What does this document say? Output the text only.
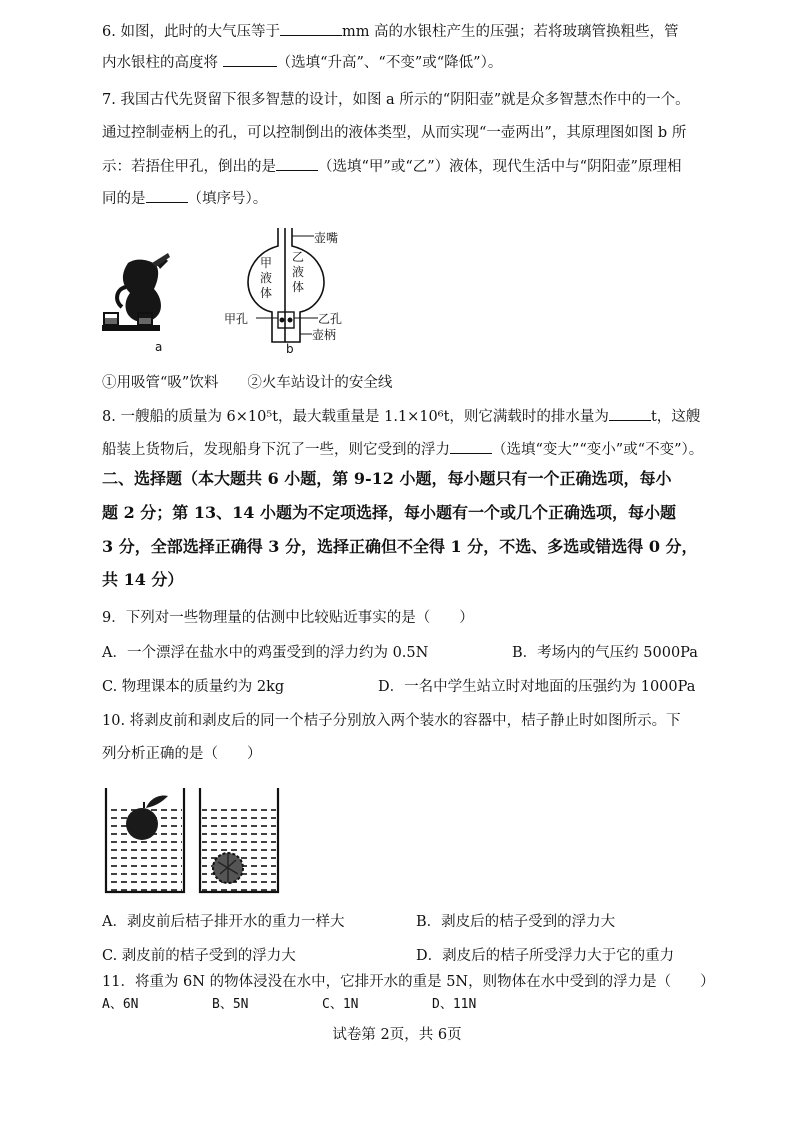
6. 如图，此时的大气压等于	mm 高的水银柱产生的压强；若将玻璃管换粗些，管
内水银柱的高度将	（选填“升高”、“不变”或“降低”）。
7. 我国古代先贤留下很多智慧的设计，如图 a 所示的“阴阳壶”就是众多智慧杰作中的一个。
通过控制壶柄上的孔，可以控制倒出的液体类型，从而实现“一壶两出”，其原理图如图 b 所
示：若捂住甲孔，倒出的是	（选填“甲”或“乙”）液体，现代生活中与“阴阳壶”原理相
同的是	（填序号）。
a
壶嘴
甲
液
体
乙
液
体
甲孔	乙孔
壶柄
b
①用吸管“吸”饮料　　②火车站设计的安全线
8. 一艘船的质量为 6×10⁵t，最大载重量是 1.1×10⁶t，则它满载时的排水量为	t，这艘
船装上货物后，发现船身下沉了一些，则它受到的浮力	（选填“变大”“变小”或“不变”）。
二、选择题（本大题共 6 小题，第 9-12 小题，每小题只有一个正确选项，每小
题 2 分；第 13、14 小题为不定项选择，每小题有一个或几个正确选项，每小题
3 分，全部选择正确得 3 分，选择正确但不全得 1 分，不选、多选或错选得 0 分，
共 14 分）
9．下列对一些物理量的估测中比较贴近事实的是（　　）
A．一个漂浮在盐水中的鸡蛋受到的浮力约为 0.5N	B．考场内的气压约 5000Pa
C. 物理课本的质量约为 2kg	D．一名中学生站立时对地面的压强约为 1000Pa
10. 将剥皮前和剥皮后的同一个桔子分别放入两个装水的容器中，桔子静止时如图所示。下
列分析正确的是（　　）
A．剥皮前后桔子排开水的重力一样大	B．剥皮后的桔子受到的浮力大
C. 剥皮前的桔子受到的浮力大	D．剥皮后的桔子所受浮力大于它的重力
11．将重为 6N 的物体浸没在水中，它排开水的重是 5N，则物体在水中受到的浮力是（　　）
A、6N	B、5N	C、1N	D、11N
试卷第 2页，共 6页
